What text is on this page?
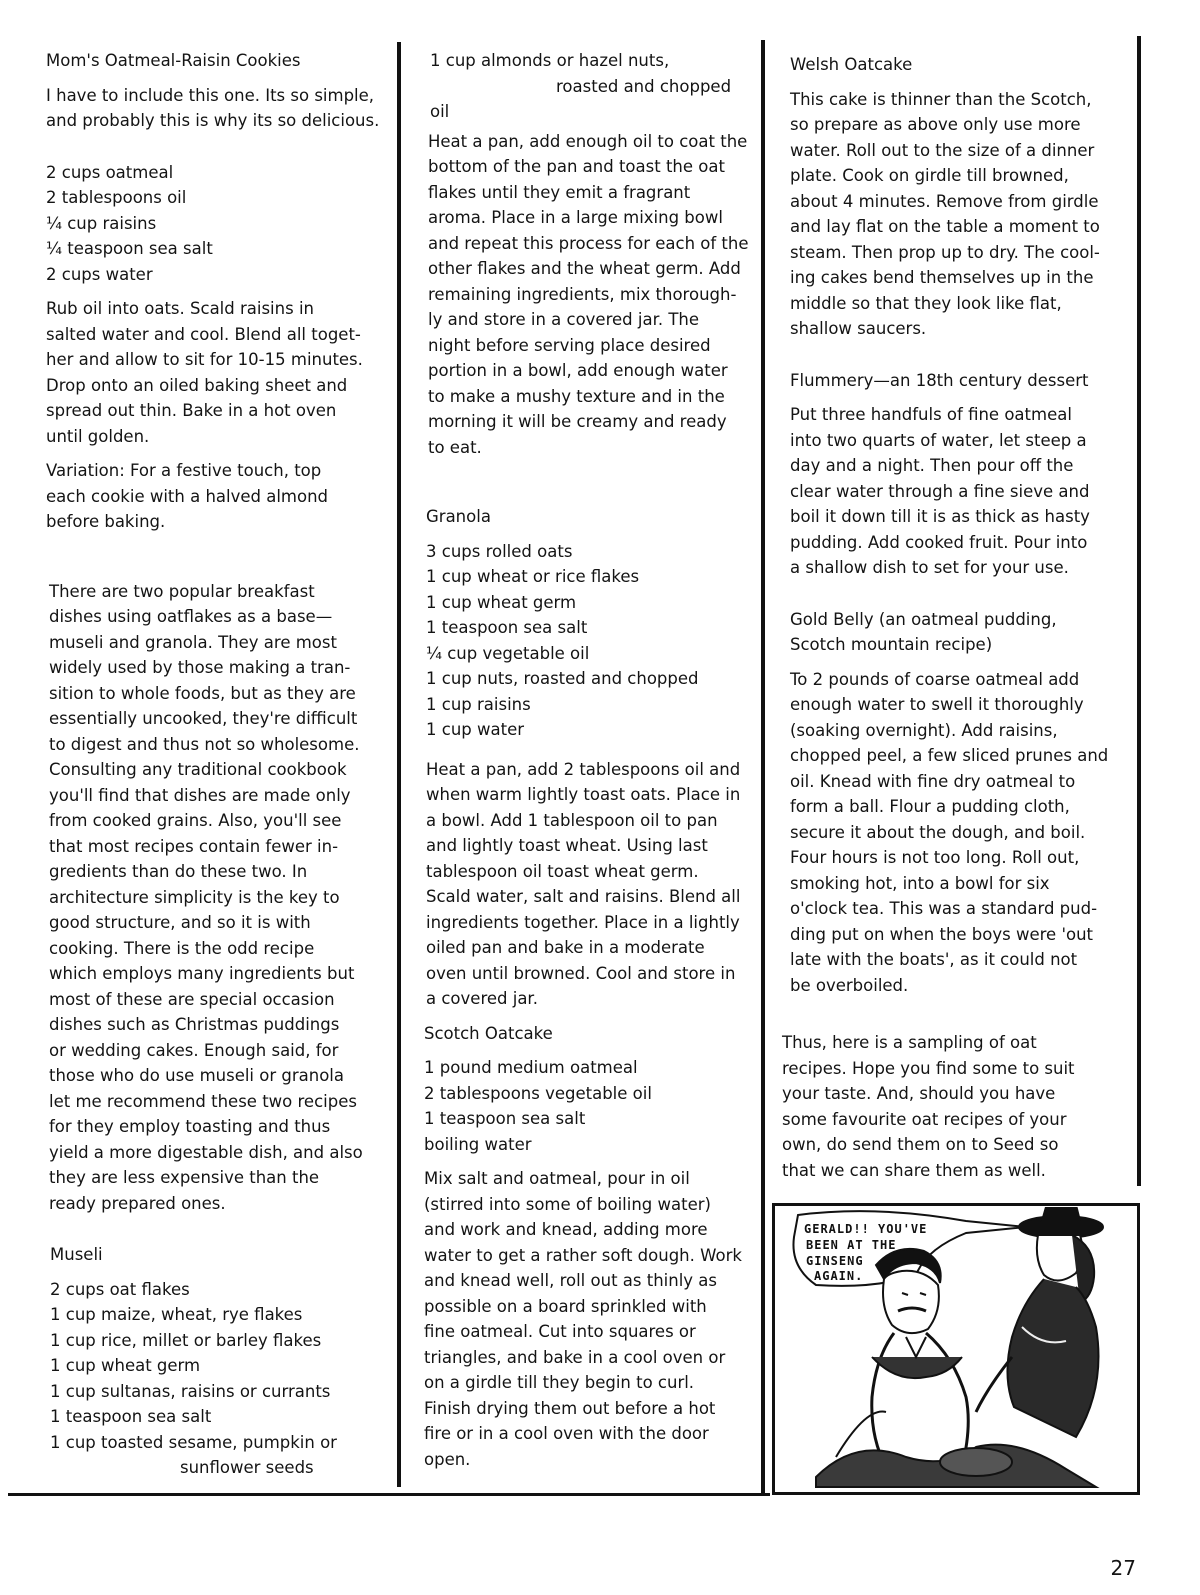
Mom's Oatmeal-Raisin Cookies

I have to include this one. Its so simple,

and probably this is why its so delicious.

2 cups oatmeal

2 tablespoons oil

¼ cup raisins

¼ teaspoon sea salt

2 cups water

Rub oil into oats. Scald raisins in

salted water and cool. Blend all toget-

her and allow to sit for 10-15 minutes.

Drop onto an oiled baking sheet and

spread out thin. Bake in a hot oven

until golden.

Variation: For a festive touch, top

each cookie with a halved almond

before baking.

There are two popular breakfast

dishes using oatflakes as a base—

museli and granola. They are most

widely used by those making a tran-

sition to whole foods, but as they are

essentially uncooked, they're difficult

to digest and thus not so wholesome.

Consulting any traditional cookbook

you'll find that dishes are made only

from cooked grains. Also, you'll see

that most recipes contain fewer in-

gredients than do these two. In

architecture simplicity is the key to

good structure, and so it is with

cooking. There is the odd recipe

which employs many ingredients but

most of these are special occasion

dishes such as Christmas puddings

or wedding cakes. Enough said, for

those who do use museli or granola

let me recommend these two recipes

for they employ toasting and thus

yield a more digestable dish, and also

they are less expensive than the

ready prepared ones.

Museli

2 cups oat flakes

1 cup maize, wheat, rye flakes

1 cup rice, millet or barley flakes

1 cup wheat germ

1 cup sultanas, raisins or currants

1 teaspoon sea salt

1 cup toasted sesame, pumpkin or

sunflower seeds

1 cup almonds or hazel nuts,

roasted and chopped

oil

Heat a pan, add enough oil to coat the

bottom of the pan and toast the oat

flakes until they emit a fragrant

aroma. Place in a large mixing bowl

and repeat this process for each of the

other flakes and the wheat germ. Add

remaining ingredients, mix thorough-

ly and store in a covered jar. The

night before serving place desired

portion in a bowl, add enough water

to make a mushy texture and in the

morning it will be creamy and ready

to eat.

Granola

3 cups rolled oats

1 cup wheat or rice flakes

1 cup wheat germ

1 teaspoon sea salt

¼ cup vegetable oil

1 cup nuts, roasted and chopped

1 cup raisins

1 cup water

Heat a pan, add 2 tablespoons oil and

when warm lightly toast oats. Place in

a bowl. Add 1 tablespoon oil to pan

and lightly toast wheat. Using last

tablespoon oil toast wheat germ.

Scald water, salt and raisins. Blend all

ingredients together. Place in a lightly

oiled pan and bake in a moderate

oven until browned. Cool and store in

a covered jar.

Scotch Oatcake

1 pound medium oatmeal

2 tablespoons vegetable oil

1 teaspoon sea salt

boiling water

Mix salt and oatmeal, pour in oil

(stirred into some of boiling water)

and work and knead, adding more

water to get a rather soft dough. Work

and knead well, roll out as thinly as

possible on a board sprinkled with

fine oatmeal. Cut into squares or

triangles, and bake in a cool oven or

on a girdle till they begin to curl.

Finish drying them out before a hot

fire or in a cool oven with the door

open.

Welsh Oatcake

This cake is thinner than the Scotch,

so prepare as above only use more

water. Roll out to the size of a dinner

plate. Cook on girdle till browned,

about 4 minutes. Remove from girdle

and lay flat on the table a moment to

steam. Then prop up to dry. The cool-

ing cakes bend themselves up in the

middle so that they look like flat,

shallow saucers.

Flummery—an 18th century dessert

Put three handfuls of fine oatmeal

into two quarts of water, let steep a

day and a night. Then pour off the

clear water through a fine sieve and

boil it down till it is as thick as hasty

pudding. Add cooked fruit. Pour into

a shallow dish to set for your use.

Gold Belly (an oatmeal pudding,

Scotch mountain recipe)

To 2 pounds of coarse oatmeal add

enough water to swell it thoroughly

(soaking overnight). Add raisins,

chopped peel, a few sliced prunes and

oil. Knead with fine dry oatmeal to

form a ball. Flour a pudding cloth,

secure it about the dough, and boil.

Four hours is not too long. Roll out,

smoking hot, into a bowl for six

o'clock tea. This was a standard pud-

ding put on when the boys were 'out

late with the boats', as it could not

be overboiled.

Thus, here is a sampling of oat

recipes. Hope you find some to suit

your taste. And, should you have

some favourite oat recipes of your

own, do send them on to Seed so

that we can share them as well.

GERALD!! YOU'VE
BEEN AT THE
GINSENG
AGAIN.
27
